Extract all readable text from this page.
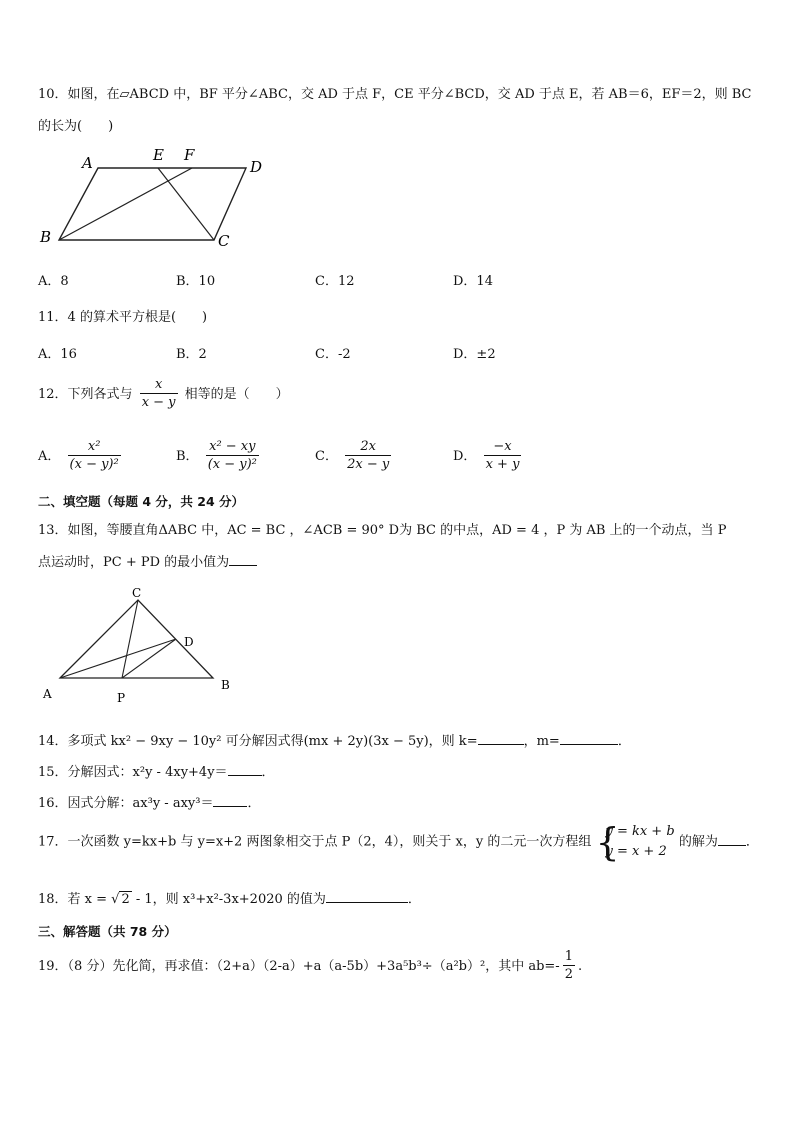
10．如图，在▱ABCD 中，BF 平分∠ABC，交 AD 于点 F，CE 平分∠BCD，交 AD 于点 E，若 AB＝6，EF＝2，则 BC
的长为(　　)
A	E F
D
B	C
A．8	B．10	C．12	D．14
11．4 的算术平方根是(　　)
A．16	B．2	C．-2	D．±2
12．下列各式与 $\frac{x}{x - y}$ 相等的是（　　）
A． $\frac{\text{x²}}{\text{(x − y)²}}$	B． $\frac{\text{x² − xy}}{\text{(x − y)²}}$	C． $\frac{2x}{2x - y}$	D． $\frac{-x}{x + y}$
二、填空题（每题 4 分，共 24 分）
13．如图，等腰直角ΔABC 中，AC = BC ，∠ACB = 90° D为 BC 的中点，AD = 4 ，P 为 AB 上的一个动点，当 P
点运动时，PC + PD 的最小值为
C
D
A	P
B
14．多项式 kx² − 9xy − 10y² 可分解因式得(mx + 2y)(3x − 5y)，则 k=	，m=	．
15．分解因式：x²y - 4xy+4y＝	．
16．因式分解：ax³y - axy³＝	．
17．一次函数 y=kx+b 与 y=x+2 两图象相交于点 P（2，4），则关于 x，y 的二元一次方程组 {
y = kx + b
y = x + 2
的解为 ．
18．若 x = √ 2 - 1，则 x³+x²-3x+2020 的值为	．
三、解答题（共 78 分）
19．（8 分）先化简，再求值：（2+a）（2-a）+a（a-5b）+3a⁵b³÷（a²b）²，其中 $ab=- \frac{1}{2}$ .
